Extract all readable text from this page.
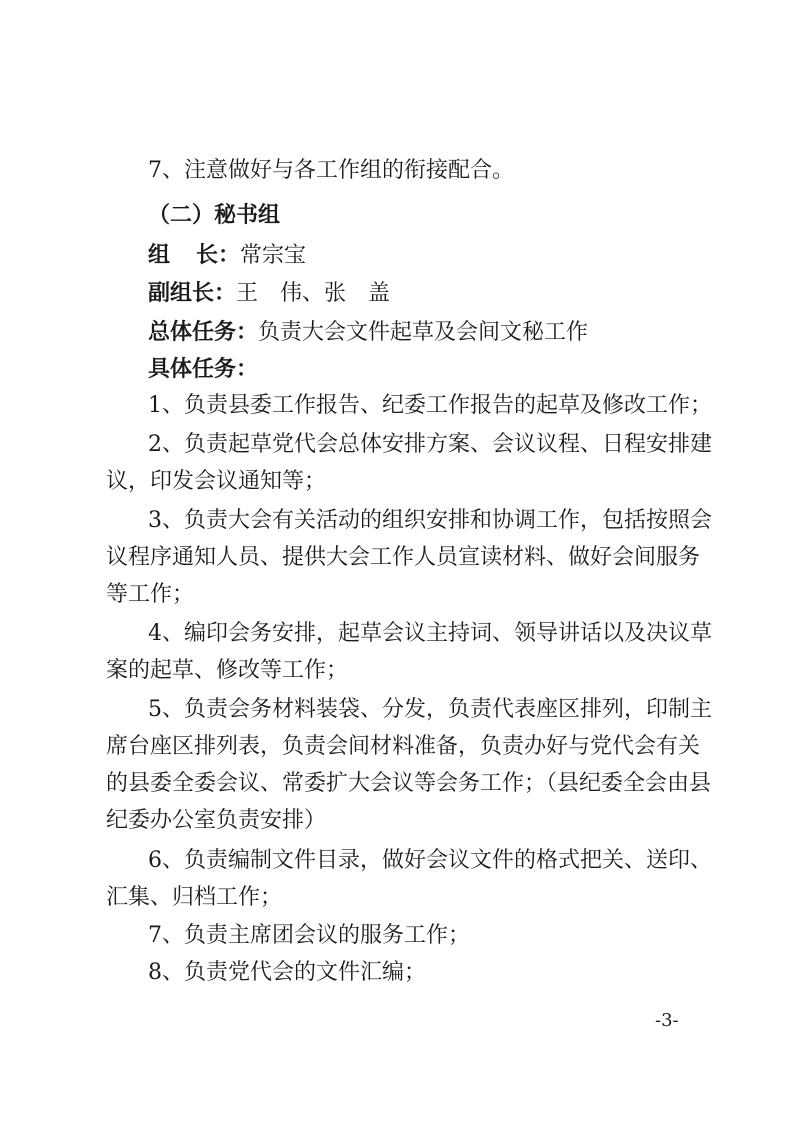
7、注意做好与各工作组的衔接配合。
（二）秘书组
组 长：常宗宝
副组长：王 伟、张 盖
总体任务：负责大会文件起草及会间文秘工作
具体任务：
1、负责县委工作报告、纪委工作报告的起草及修改工作；
2、负责起草党代会总体安排方案、会议议程、日程安排建
议，印发会议通知等；
3、负责大会有关活动的组织安排和协调工作，包括按照会
议程序通知人员、提供大会工作人员宣读材料、做好会间服务
等工作；
4、编印会务安排，起草会议主持词、领导讲话以及决议草
案的起草、修改等工作；
5、负责会务材料装袋、分发，负责代表座区排列，印制主
席台座区排列表，负责会间材料准备，负责办好与党代会有关
的县委全委会议、常委扩大会议等会务工作；（县纪委全会由县
纪委办公室负责安排）
6、负责编制文件目录，做好会议文件的格式把关、送印、
汇集、归档工作；
7、负责主席团会议的服务工作；
8、负责党代会的文件汇编；
-3-
